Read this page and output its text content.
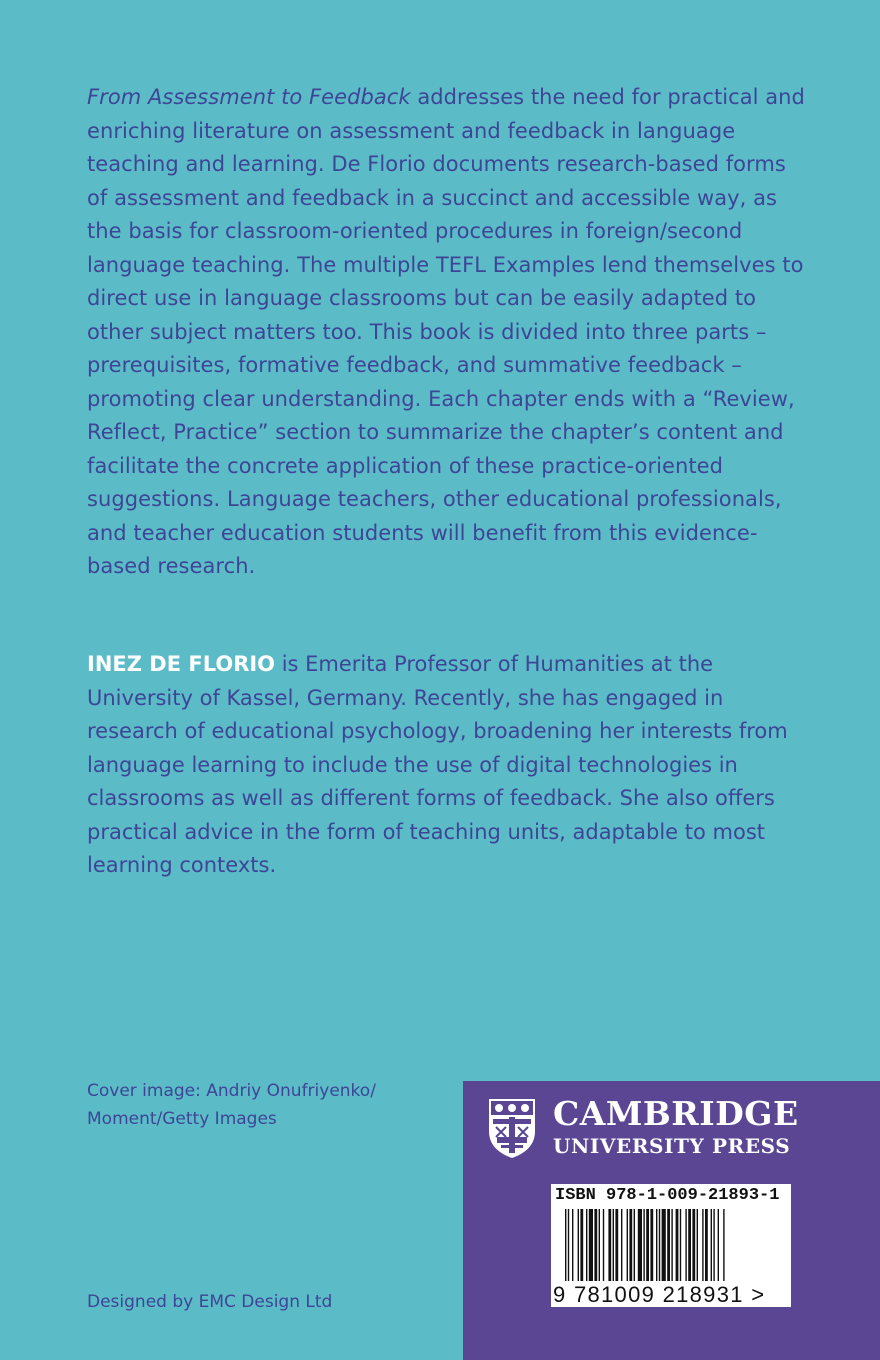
From Assessment to Feedback addresses the need for practical and enriching literature on assessment and feedback in language teaching and learning. De Florio documents research-based forms of assessment and feedback in a succinct and accessible way, as the basis for classroom-oriented procedures in foreign/second language teaching. The multiple TEFL Examples lend themselves to direct use in language classrooms but can be easily adapted to other subject matters too. This book is divided into three parts – prerequisites, formative feedback, and summative feedback – promoting clear understanding. Each chapter ends with a “Review, Reflect, Practice” section to summarize the chapter’s content and facilitate the concrete application of these practice-oriented suggestions. Language teachers, other educational professionals, and teacher education students will benefit from this evidence-based research.

INEZ DE FLORIO is Emerita Professor of Humanities at the University of Kassel, Germany. Recently, she has engaged in research of educational psychology, broadening her interests from language learning to include the use of digital technologies in classrooms as well as different forms of feedback. She also offers practical advice in the form of teaching units, adaptable to most learning contexts.

Cover image: Andriy Onufriyenko/
Moment/Getty Images
Designed by EMC Design Ltd
CAMBRIDGE
UNIVERSITY PRESS
ISBN 978-1-009-21893-1
9 781009 218931 >
